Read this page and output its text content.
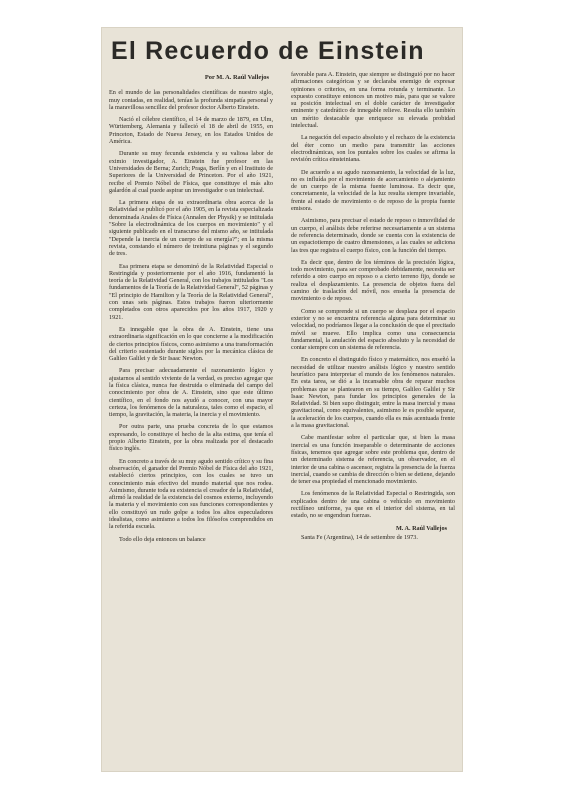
El Recuerdo de Einstein
Por M. A. Raúl Vallejos

En el mundo de las personalidades científicas de nuestro siglo, muy contadas, en realidad, tenían la profunda simpatía personal y la maravillosa sencillez del profesor doctor Alberto Einstein.

Nació el célebre científico, el 14 de marzo de 1879, en Ulm, Württemberg, Alemania y falleció el 18 de abril de 1955, en Princeton, Estado de Nueva Jersey, en los Estados Unidos de América.

Durante su muy fecunda existencia y su valiosa labor de eximio investigador, A. Einstein fue profesor en las Universidades de Berna; Zurich; Praga, Berlín y en el Instituto de Superiores de la Universidad de Princeton. Por el año 1921, recibe el Premio Nóbel de Física, que constituye el más alto galardón al cual puede aspirar un investigador o un intelectual.

La primera etapa de su extraordinaria obra acerca de la Relatividad se publicó por el año 1905, en la revista especializada denominada Anales de Física (Annalen der Physik) y se intitulada "Sobre la electrodinámica de los cuerpos en movimiento" y el siguiente publicado en el transcurso del mismo año, se intitulada "Depende la inercia de un cuerpo de su energía?"; en la misma revista, constando el número de treintiuna páginas y el segundo de tres.

Esa primera etapa se denominó de la Relatividad Especial o Restringida y posteriormente por el año 1916, fundamentó la teoría de la Relatividad General, con los trabajos intitulados "Los fundamentos de la Teoría de la Relatividad General", 52 páginas y "El principio de Hamilton y la Teoría de la Relatividad General", con unas seis páginas. Estos trabajos fueron ulteriormente completados con otros aparecidos por los años 1917, 1920 y 1921.

Es innegable que la obra de A. Einstein, tiene una extraordinaria significación en lo que concierne a la modificación de ciertos principios físicos, como asimismo a una transformación del criterio sustentado durante siglos por la mecánica clásica de Galileo Galilei y de Sir Isaac Newton.

Para precisar adecuadamente el razonamiento lógico y ajustarnos al sentido viviente de la verdad, es preciso agregar que la física clásica, nunca fue destruida o eliminada del campo del conocimiento por obra de A. Einstein, sino que este último científico, en el fondo nos ayudó a conocer, con una mayor certeza, los fenómenos de la naturaleza, tales como el espacio, el tiempo, la gravitación, la materia, la inercia y el movimiento.

Por outra parte, una prueba concreta de lo que estamos expresando, lo constituye el hecho de la alta estima, que tenía el propio Alberto Einstein, por la obra realizada por el destacado físico inglés.

En concreto a través de su muy agudo sentido crítico y su fina observación, el ganador del Premio Nóbel de Física del año 1921, estableció ciertos principios, con los cuales se tuvo un conocimiento más efectivo del mundo material que nos rodea. Asimismo, durante toda su existencia el creador de la Relatividad, afirmó la realidad de la existencia del cosmos externo, incluyendo la materia y el movimiento con sus funciones correspondientes y ello constituyó un rudo golpe a todos los altos especuladores idealistas, como asimismo a todos los filósofos comprendidos en la referida escuela.

Todo ello deja entonces un balance

favorable para A. Einstein, que siempre se distinguió por no hacer afirmaciones categóricas y se declaraba enemigo de expresar opiniones o criterios, en una forma rotunda y terminante. Lo expuesto constituye entonces un motivo más, para que se valore su posición intelectual en el doble carácter de investigador eminente y catedrático de innegable relieve. Resulta ello también un mérito destacable que enriquece su elevada probidad intelectual.

La negación del espacio absoluto y el rechazo de la existencia del éter como un medio para transmitir las acciones electrodinámicas, son los puntales sobre los cuales se afirma la revisión crítica einsteiniana.

De acuerdo a su agudo razonamiento, la velocidad de la luz, no es influída por el movimiento de acercamiento o alejamiento de un cuerpo de la misma fuente luminosa. Es decir que, concretamente, la velocidad de la luz resulta siempre invariable, frente al estado de movimiento o de reposo de la propia fuente emisora.

Asimismo, para precisar el estado de reposo o inmovilidad de un cuerpo, el análisis debe referirse necesariamente a un sistema de referencia determinado, donde se cuenta con la existencia de un espaciotiempo de cuatro dimensiones, a las cuales se adiciona las tres que registra el cuerpo físico, con la función del tiempo.

Es decir que, dentro de los términos de la precisión lógica, todo movimiento, para ser comprobado debidamente, necesita ser referido a otro cuerpo en reposo o a cierto terreno fijo, donde se realiza el desplazamiento. La presencia de objetos fuera del camino de traslación del móvil, nos enseña la presencia de movimiento o de reposo.

Como se comprende si un cuerpo se desplaza por el espacio exterior y no se encuentra referencia alguna para determinar su velocidad, no podríamos llegar a la conclusión de que el precitado móvil se mueve. Ello implica como una consecuencia fundamental, la anulación del espacio absoluto y la necesidad de contar siempre con un sistema de referencia.

En concreto el distinguido físico y matemático, nos enseñó la necesidad de utilizar nuestro análisis lógico y nuestro sentido heurístico para interpretar el mundo de los fenómenos naturales. En esta tarea, se dió a la incansable obra de reparar muchos problemas que se plantearon en su tiempo, Galileo Galilei y Sir Isaac Newton, para fundar los principios generales de la Relatividad. Si bien supo distinguir, entre la masa inercial y masa gravitacional, como equivalentes, asimismo le es posible separar, la aceleración de los cuerpos, cuando ella es más acentuada frente a la masa gravitacional.

Cabe manifestar sobre el particular que, si bien la masa inercial es una función inseparable o determinante de acciones físicas, tenemos que agregar sobre este problema que, dentro de un determinado sistema de referencia, un observador, en el interior de una cabina o ascensor, registra la presencia de la fuerza inercial, cuando se cambia de dirección o bien se detiene, dejando de tener esa propiedad el mencionado movimiento.

Los fenómenos de la Relatividad Especial o Restringida, son explicados dentro de una cabina o vehículo en movimiento rectilíneo uniforme, ya que en el interior del sistema, en tal estado, no se engendran fuerzas.

M. A. Raúl Vallejos

Santa Fe (Argentina), 14 de setiembre de 1973.
